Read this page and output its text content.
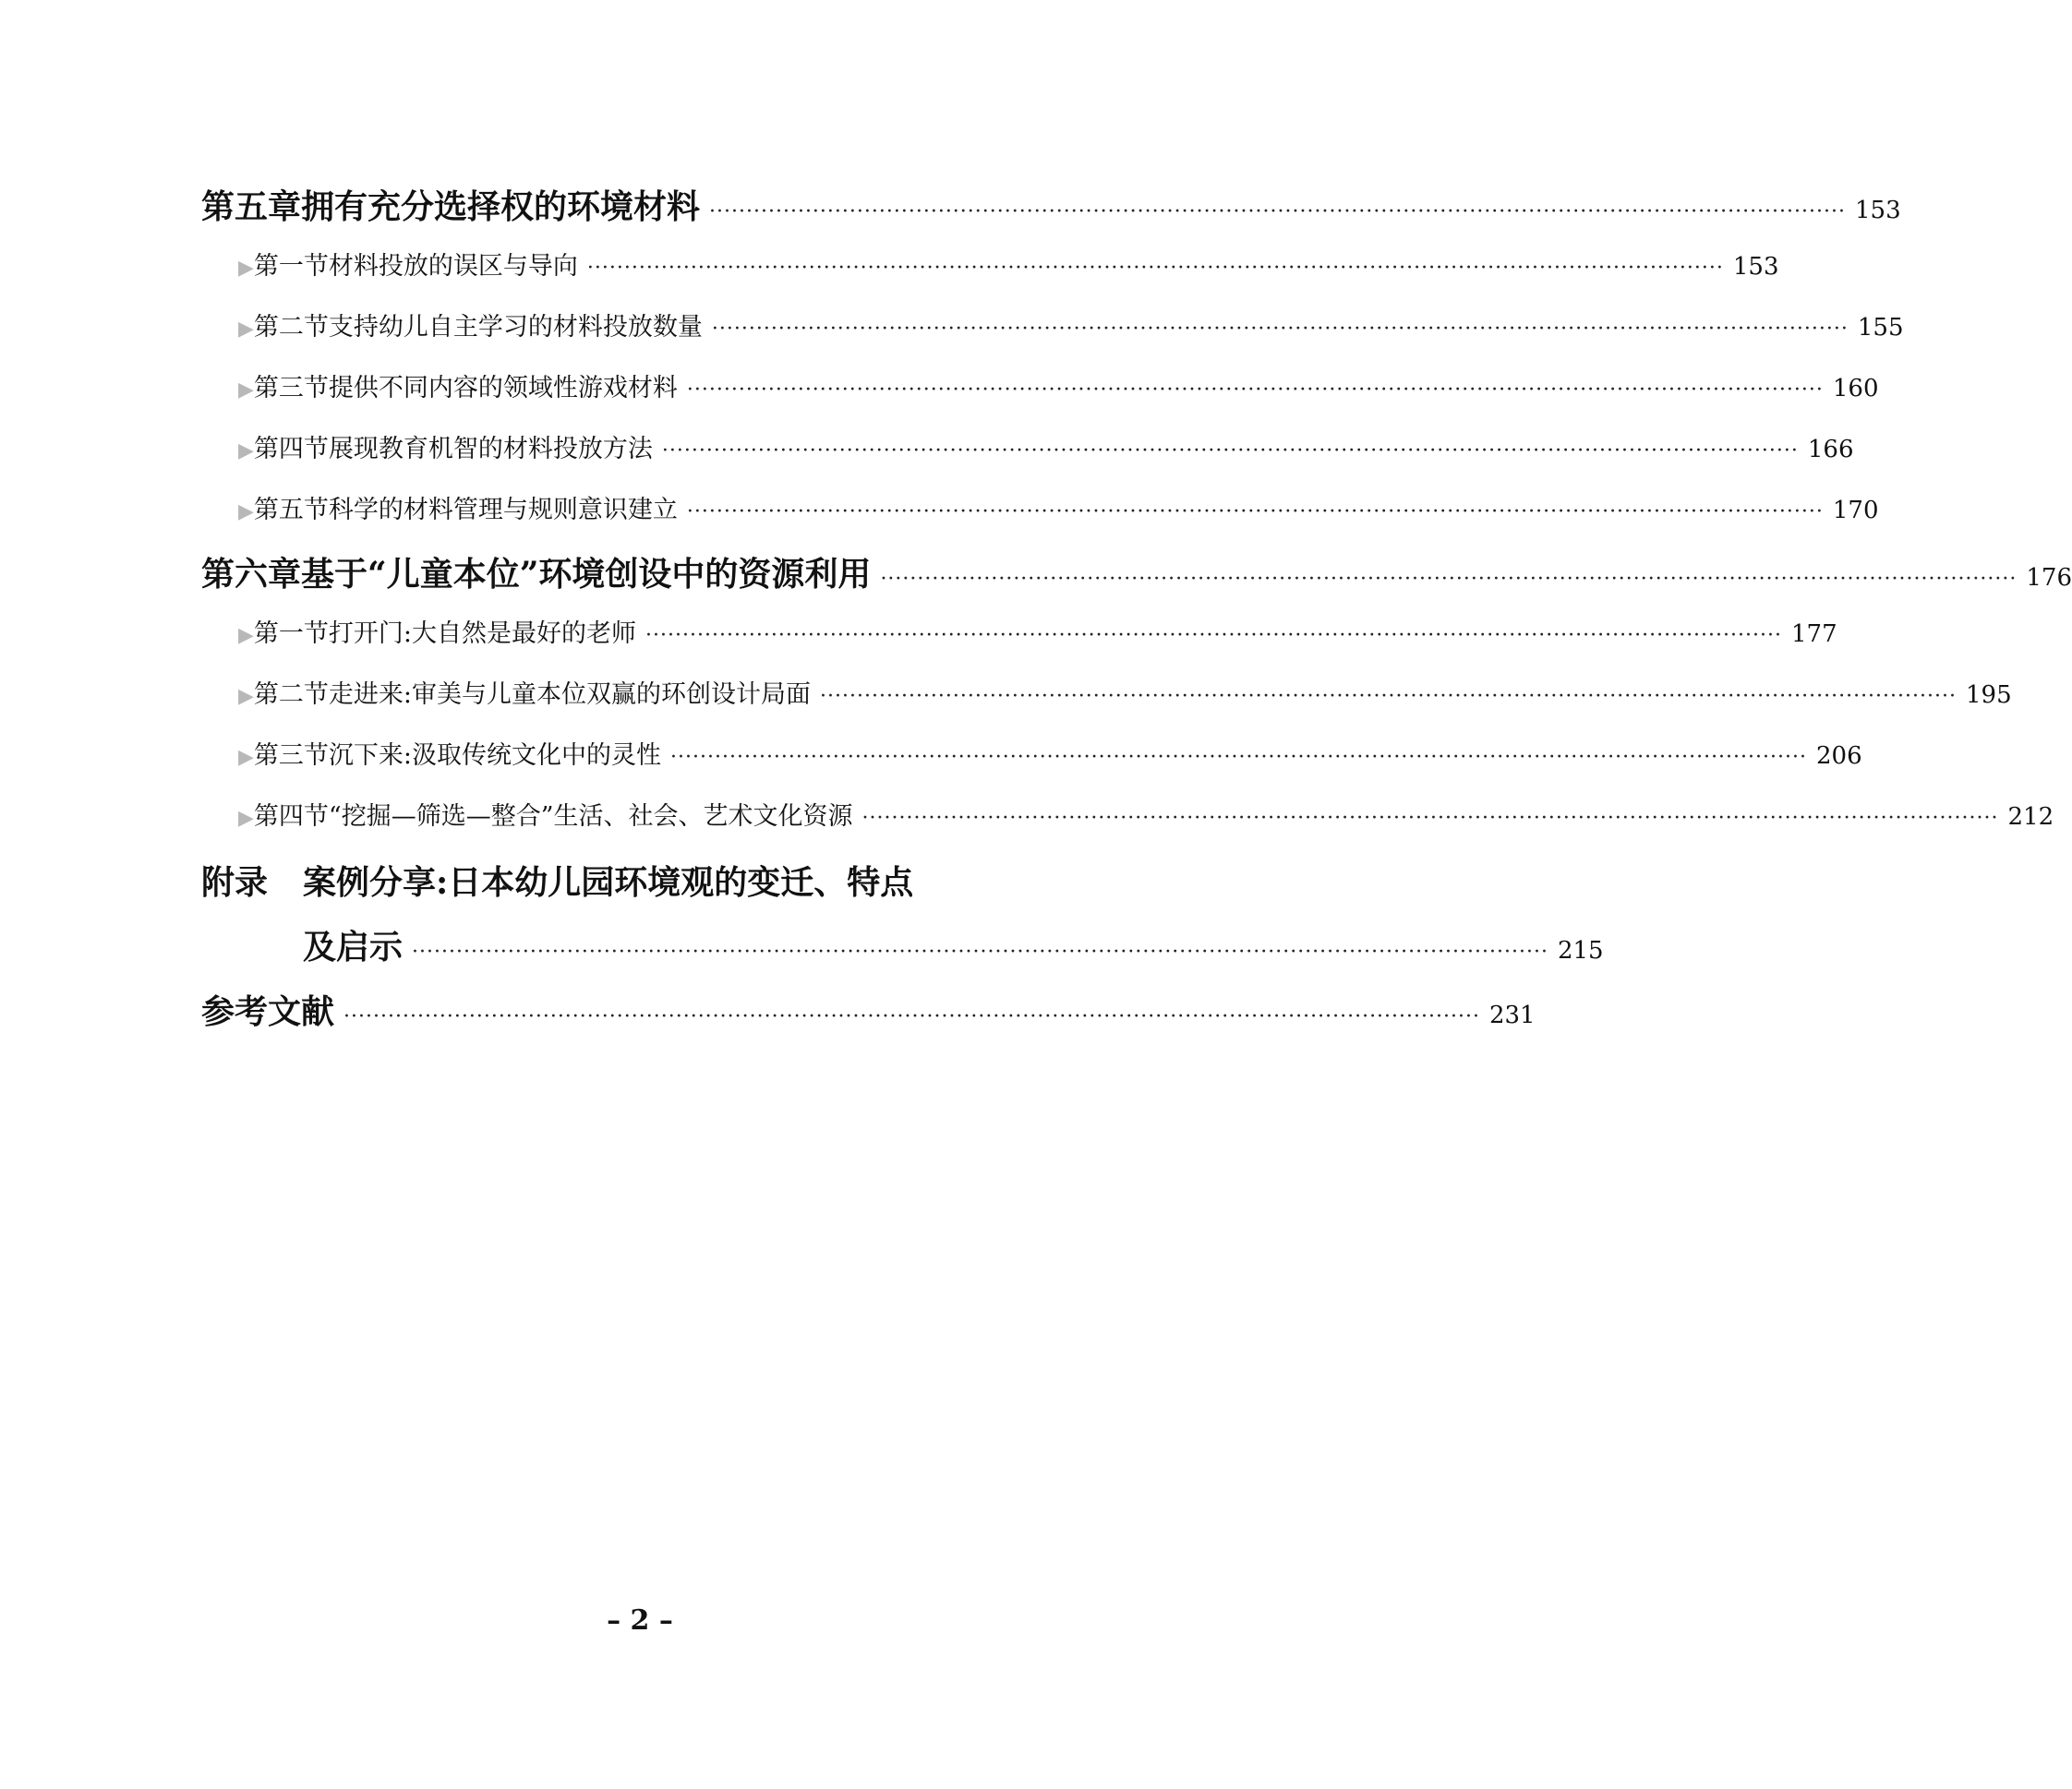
第五章 拥有充分选择权的环境材料 ·····	153
▶ 第一节 材料投放的误区与导向 ·····	153
▶ 第二节 支持幼儿自主学习的材料投放数量 ·····	155
▶ 第三节 提供不同内容的领域性游戏材料 ·····	160
▶ 第四节 展现教育机智的材料投放方法 ·····	166
▶ 第五节 科学的材料管理与规则意识建立 ·····	170
第六章 基于“儿童本位”环境创设中的资源利用 ·····	176
▶ 第一节 打开门:大自然是最好的老师 ·····	177
▶ 第二节 走进来:审美与儿童本位双赢的环创设计局面 ·····	195
▶ 第三节 沉下来:汲取传统文化中的灵性 ·····	206
▶ 第四节 “挖掘—筛选—整合”生活、社会、艺术文化资源 ·····	212
附录	案例分享:日本幼儿园环境观的变迁、特点
及启示 ·····	215
参考文献 ·····	231
– 2 –
